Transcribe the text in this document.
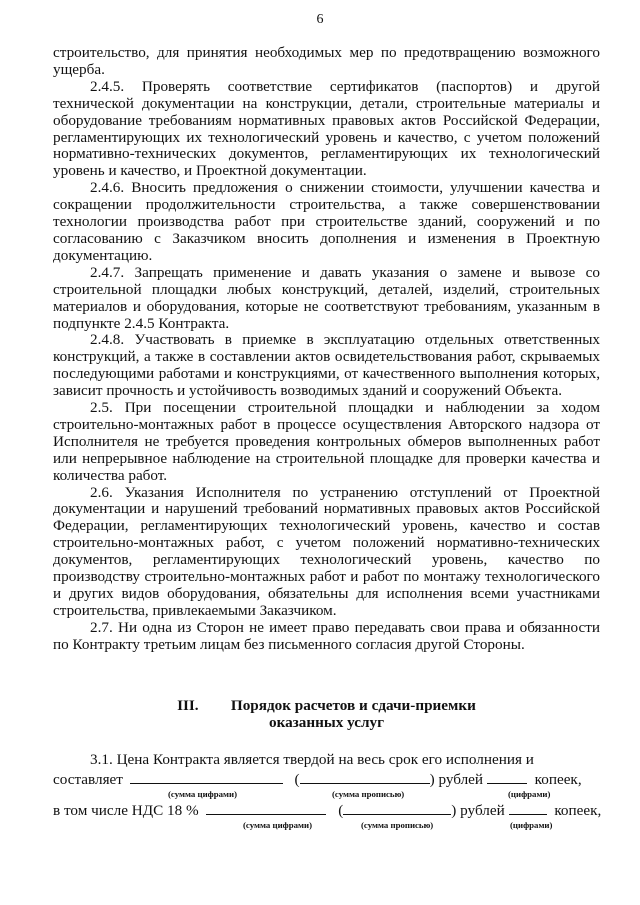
6

строительство, для принятия необходимых мер по предотвращению возможного ущерба.

2.4.5. Проверять соответствие сертификатов (паспортов) и другой технической документации на конструкции, детали, строительные материалы и оборудование требованиям нормативных правовых актов Российской Федерации, регламентирующих их технологический уровень и качество, с учетом положений нормативно-технических документов, регламентирующих их технологический уровень и качество, и Проектной документации.

2.4.6. Вносить предложения о снижении стоимости, улучшении качества и сокращении продолжительности строительства, а также совершенствовании технологии производства работ при строительстве зданий, сооружений и по согласованию с Заказчиком вносить дополнения и изменения в Проектную документацию.

2.4.7. Запрещать применение и давать указания о замене и вывозе со строительной площадки любых конструкций, деталей, изделий, строительных материалов и оборудования, которые не соответствуют требованиям, указанным в подпункте 2.4.5 Контракта.

2.4.8. Участвовать в приемке в эксплуатацию отдельных ответственных конструкций, а также в составлении актов освидетельствования работ, скрываемых последующими работами и конструкциями, от качественного выполнения которых, зависит прочность и устойчивость возводимых зданий и сооружений Объекта.

2.5. При посещении строительной площадки и наблюдении за ходом строительно-монтажных работ в процессе осуществления Авторского надзора от Исполнителя не требуется проведения контрольных обмеров выполненных работ или непрерывное наблюдение на строительной площадке для проверки качества и количества работ.

2.6. Указания Исполнителя по устранению отступлений от Проектной документации и нарушений требований нормативных правовых актов Российской Федерации, регламентирующих технологический уровень, качество и состав строительно-монтажных работ, с учетом положений нормативно-технических документов, регламентирующих технологический уровень, качество по производству строительно-монтажных работ и работ по монтажу технологического и других видов оборудования, обязательны для исполнения всеми участниками строительства, привлекаемыми Заказчиком.

2.7. Ни одна из Сторон не имеет право передавать свои права и обязанности по Контракту третьим лицам без письменного согласия другой Стороны.

III. Порядок расчетов и сдачи-приемки
оказанных услуг

3.1. Цена Контракта является твердой на весь срок его исполнения и

составляет	(	) рублей	копеек,
(сумма цифрами)	(сумма прописью)	(цифрами)
в том числе НДС 18 %	(	) рублей	копеек,
(сумма цифрами)	(сумма прописью)	(цифрами)
